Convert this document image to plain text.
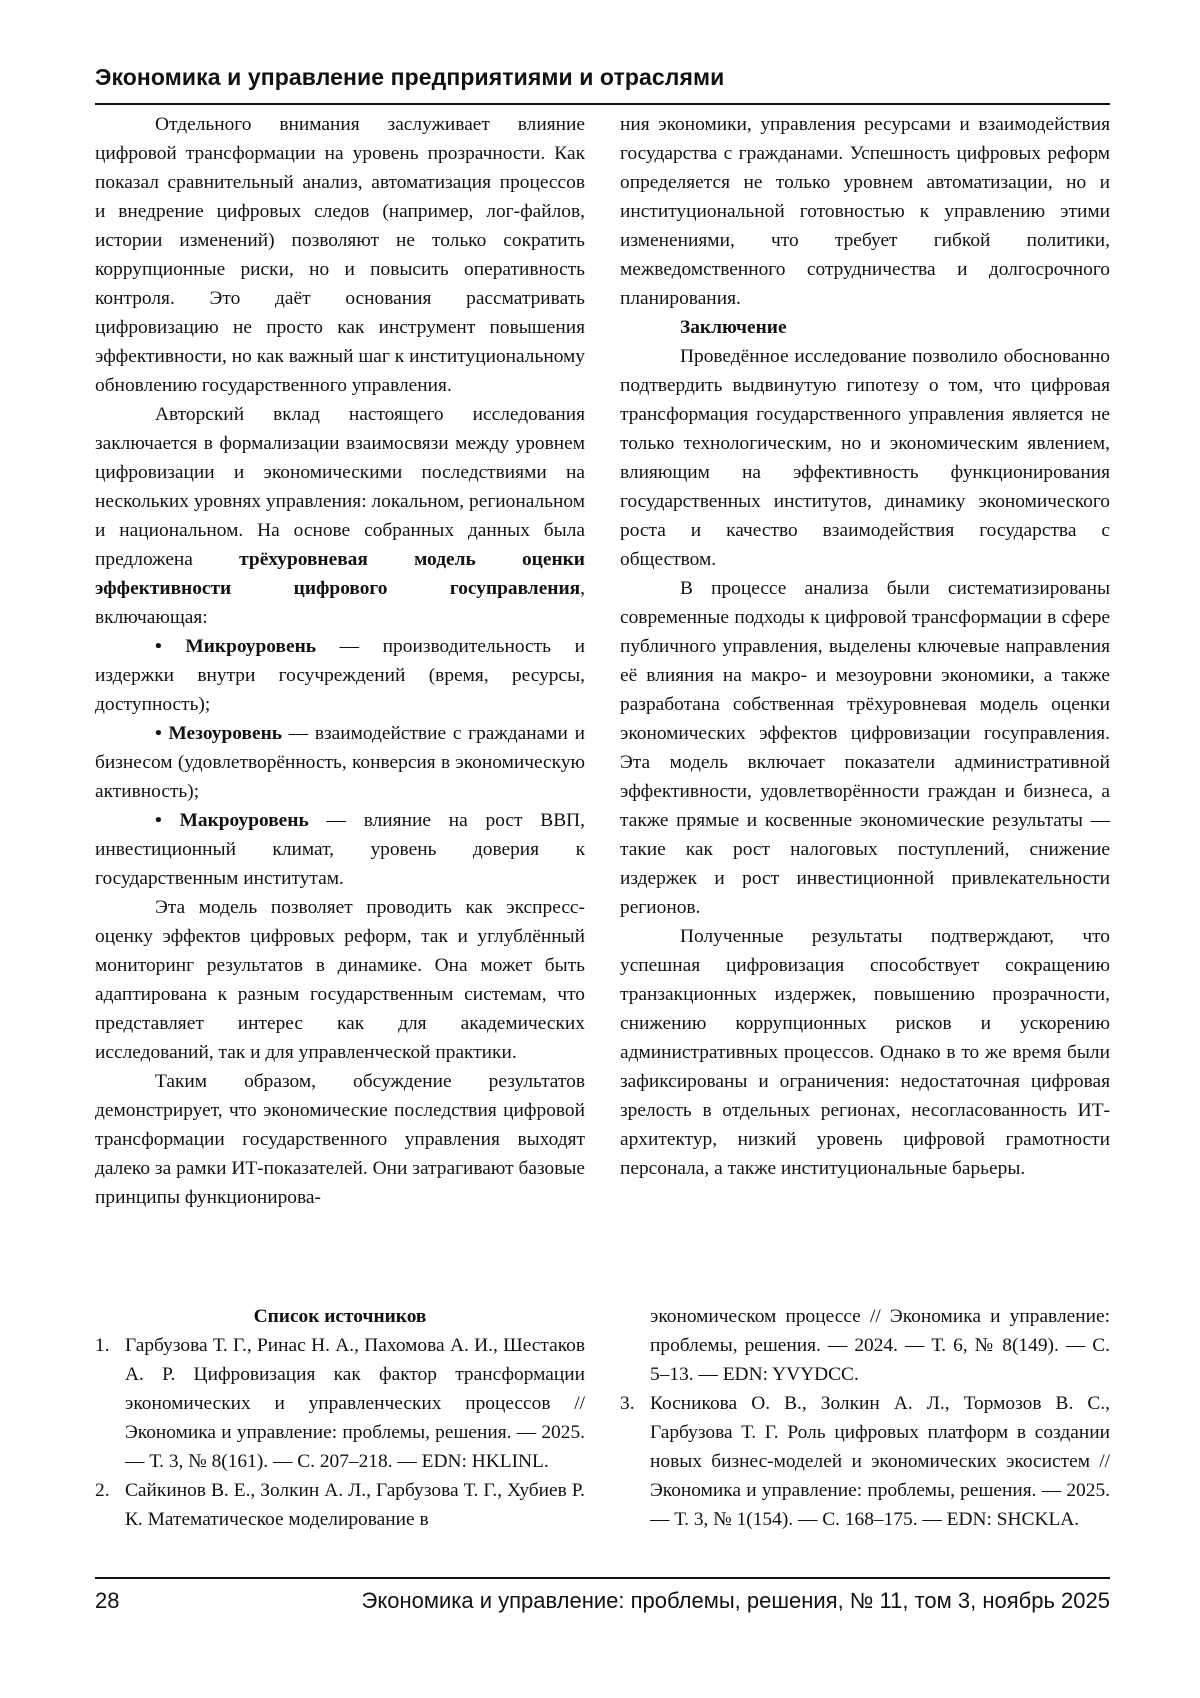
Экономика и управление предприятиями и отраслями

Отдельного внимания заслуживает влияние цифровой трансформации на уровень прозрачности. Как показал сравнительный анализ, автоматизация процессов и внедрение цифровых следов (например, лог-файлов, истории изменений) позволяют не только сократить коррупционные риски, но и повысить оперативность контроля. Это даёт основания рассматривать цифровизацию не просто как инструмент повышения эффективности, но как важный шаг к институциональному обновлению государственного управления.

Авторский вклад настоящего исследования заключается в формализации взаимосвязи между уровнем цифровизации и экономическими последствиями на нескольких уровнях управления: локальном, региональном и национальном. На основе собранных данных была предложена трёхуровневая модель оценки эффективности цифрового госуправления, включающая:

• Микроуровень — производительность и издержки внутри госучреждений (время, ресурсы, доступность);

• Мезоуровень — взаимодействие с гражданами и бизнесом (удовлетворённость, конверсия в экономическую активность);

• Макроуровень — влияние на рост ВВП, инвестиционный климат, уровень доверия к государственным институтам.

Эта модель позволяет проводить как экспресс-оценку эффектов цифровых реформ, так и углублённый мониторинг результатов в динамике. Она может быть адаптирована к разным государственным системам, что представляет интерес как для академических исследований, так и для управленческой практики.

Таким образом, обсуждение результатов демонстрирует, что экономические последствия цифровой трансформации государственного управления выходят далеко за рамки ИТ-показателей. Они затрагивают базовые принципы функционирова-

ния экономики, управления ресурсами и взаимодействия государства с гражданами. Успешность цифровых реформ определяется не только уровнем автоматизации, но и институциональной готовностью к управлению этими изменениями, что требует гибкой политики, межведомственного сотрудничества и долгосрочного планирования.

Заключение

Проведённое исследование позволило обоснованно подтвердить выдвинутую гипотезу о том, что цифровая трансформация государственного управления является не только технологическим, но и экономическим явлением, влияющим на эффективность функционирования государственных институтов, динамику экономического роста и качество взаимодействия государства с обществом.

В процессе анализа были систематизированы современные подходы к цифровой трансформации в сфере публичного управления, выделены ключевые направления её влияния на макро- и мезоуровни экономики, а также разработана собственная трёхуровневая модель оценки экономических эффектов цифровизации госуправления. Эта модель включает показатели административной эффективности, удовлетворённости граждан и бизнеса, а также прямые и косвенные экономические результаты — такие как рост налоговых поступлений, снижение издержек и рост инвестиционной привлекательности регионов.

Полученные результаты подтверждают, что успешная цифровизация способствует сокращению транзакционных издержек, повышению прозрачности, снижению коррупционных рисков и ускорению административных процессов. Однако в то же время были зафиксированы и ограничения: недостаточная цифровая зрелость в отдельных регионах, несогласованность ИТ-архитектур, низкий уровень цифровой грамотности персонала, а также институциональные барьеры.

Список источников

1. Гарбузова Т. Г., Ринас Н. А., Пахомова А. И., Шестаков А. Р. Цифровизация как фактор трансформации экономических и управленческих процессов // Экономика и управление: проблемы, решения. — 2025. — Т. 3, № 8(161). — С. 207–218. — EDN: HKLINL.

2. Сайкинов В. Е., Золкин А. Л., Гарбузова Т. Г., Хубиев Р. К. Математическое моделирование в

экономическом процессе // Экономика и управление: проблемы, решения. — 2024. — Т. 6, № 8(149). — С. 5–13. — EDN: YVYDCC.

3. Косникова О. В., Золкин А. Л., Тормозов В. С., Гарбузова Т. Г. Роль цифровых платформ в создании новых бизнес-моделей и экономических экосистем // Экономика и управление: проблемы, решения. — 2025. — Т. 3, № 1(154). — С. 168–175. — EDN: SHCKLA.

28	Экономика и управление: проблемы, решения, № 11, том 3, ноябрь 2025
